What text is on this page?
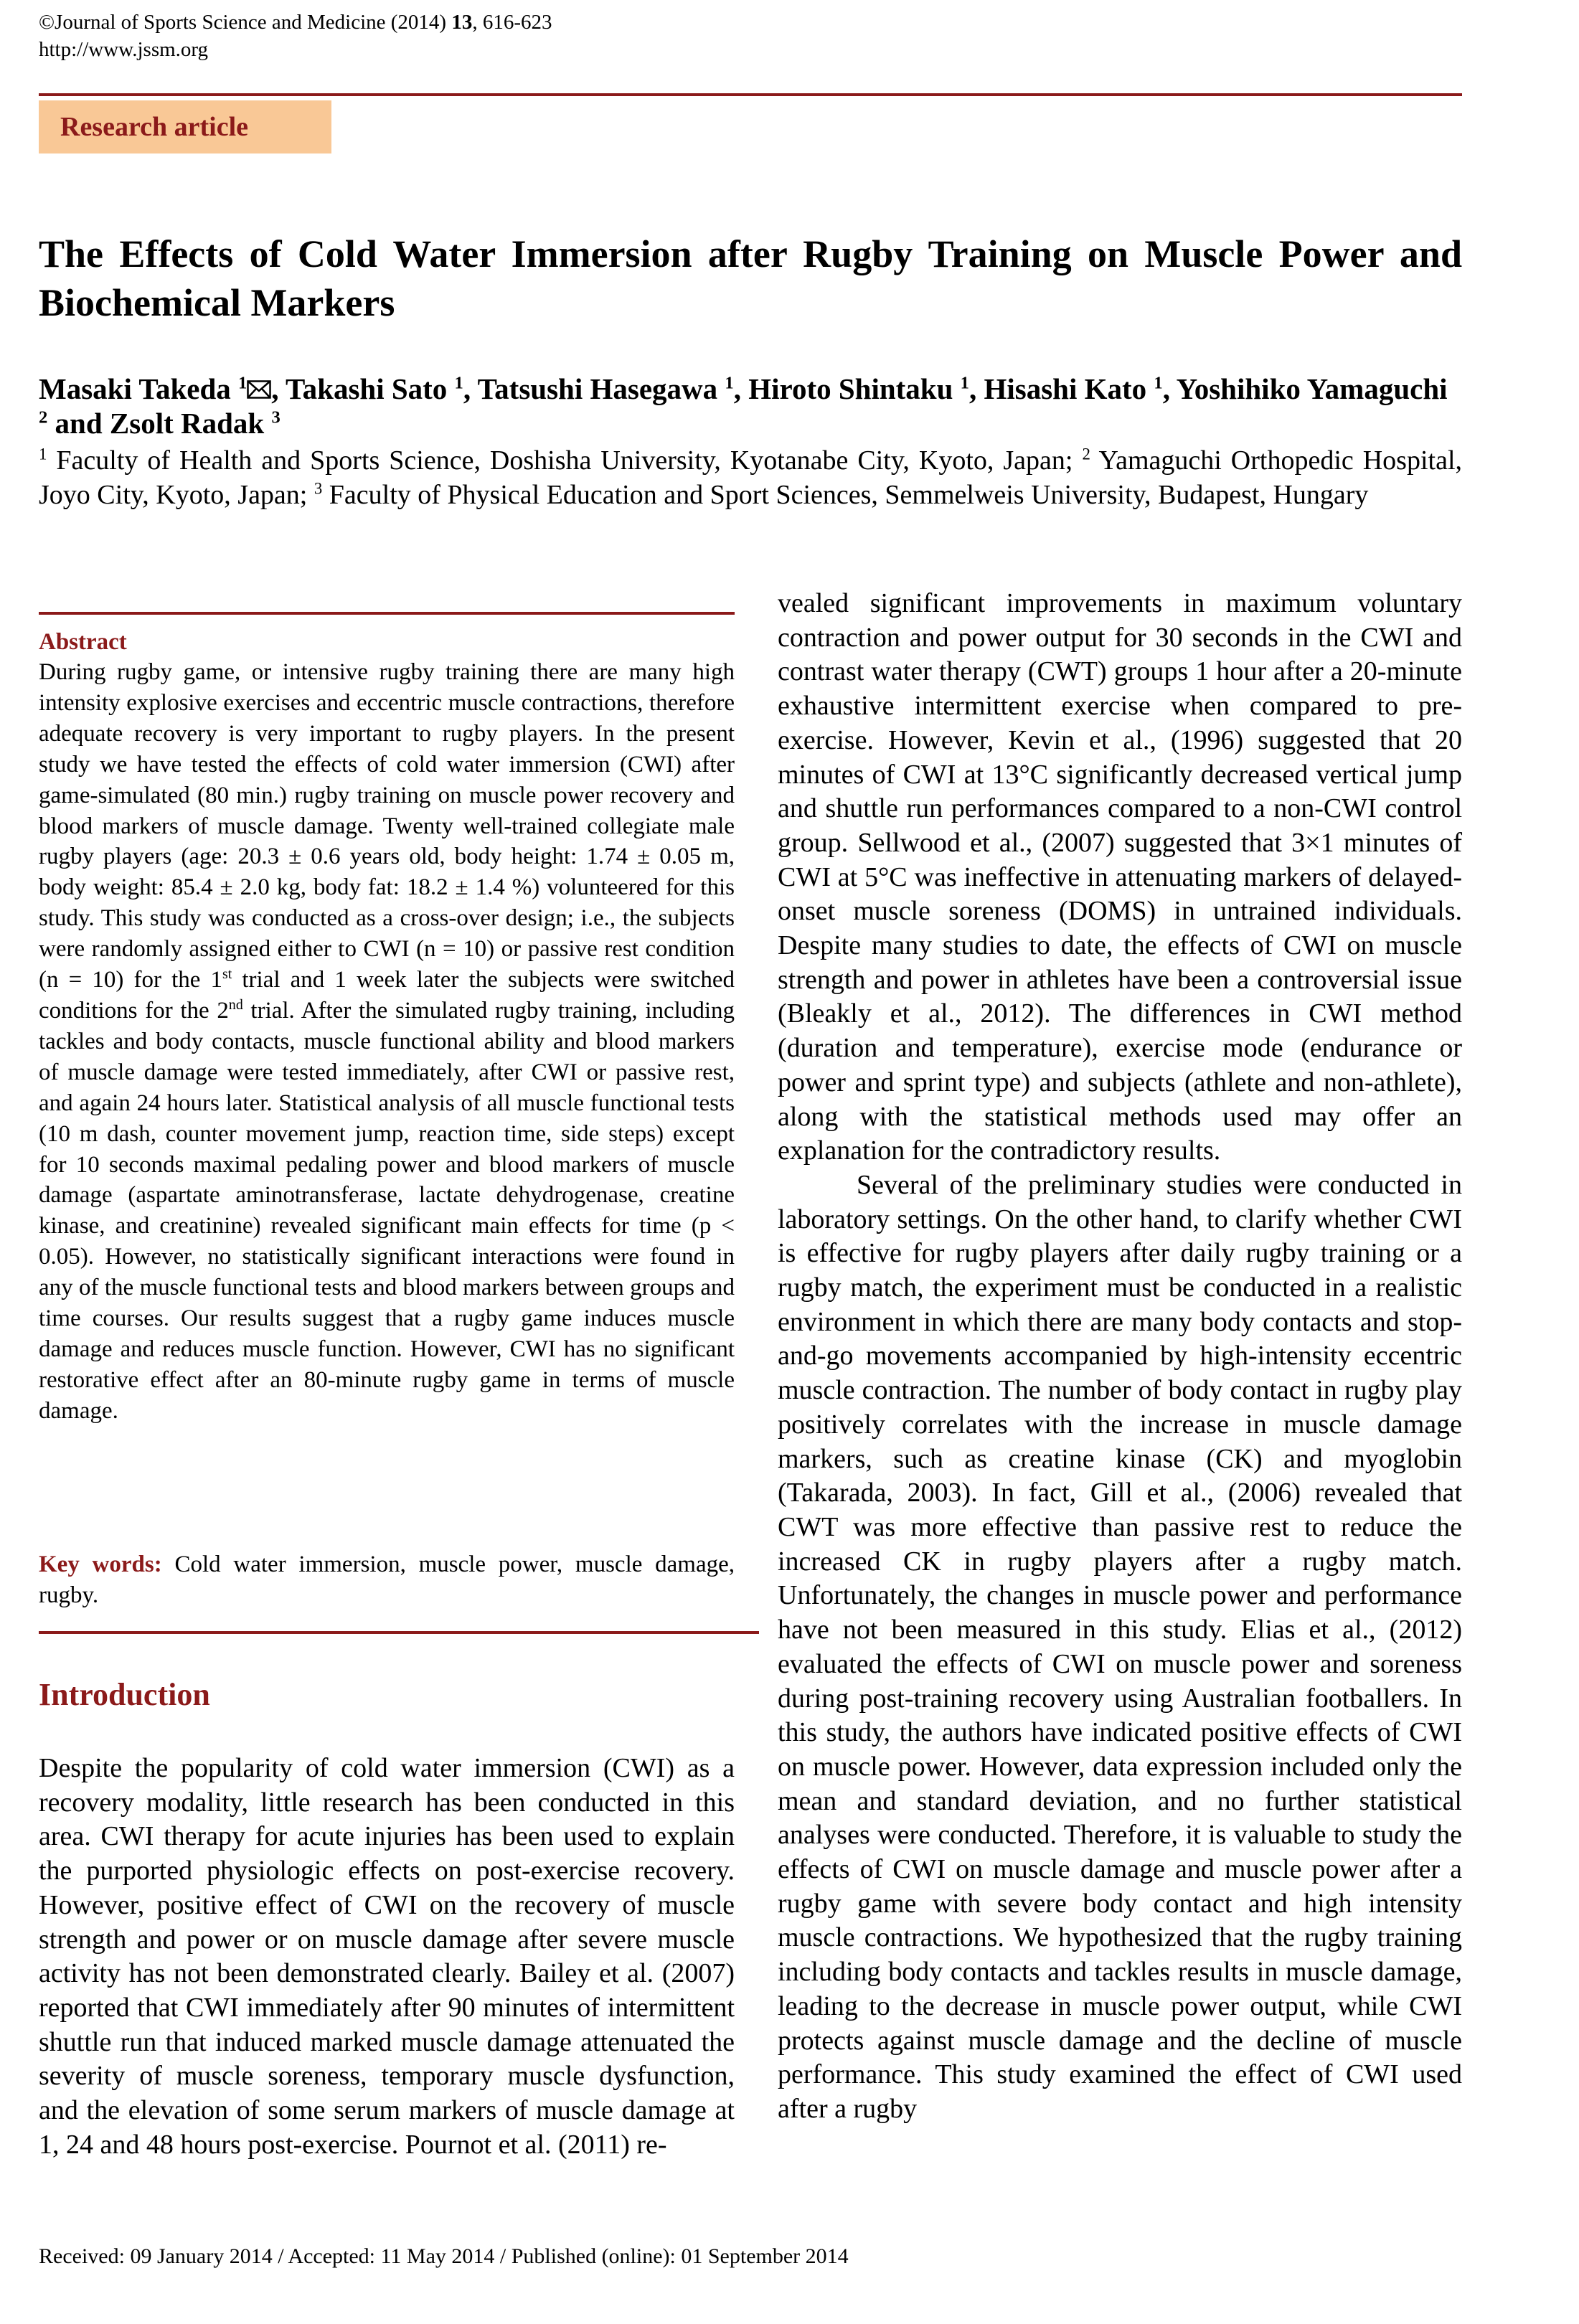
©Journal of Sports Science and Medicine (2014) 13, 616-623
http://www.jssm.org
Research article
The Effects of Cold Water Immersion after Rugby Training on Muscle Power and Biochemical Markers
Masaki Takeda $^1$ , Takashi Sato $^1$, Tatsushi Hasegawa $^1$, Hiroto Shintaku $^1$, Hisashi Kato $^1$, Yoshihiko Yamaguchi $^2$ and Zsolt Radak $^3$
$^1$ Faculty of Health and Sports Science, Doshisha University, Kyotanabe City, Kyoto, Japan; $^2$ Yamaguchi Orthopedic Hospital, Joyo City, Kyoto, Japan; $^3$ Faculty of Physical Education and Sport Sciences, Semmelweis University, Budapest, Hungary
Abstract
During rugby game, or intensive rugby training there are many high intensity explosive exercises and eccentric muscle contractions, therefore adequate recovery is very important to rugby players. In the present study we have tested the effects of cold water immersion (CWI) after game-simulated (80 min.) rugby training on muscle power recovery and blood markers of muscle damage. Twenty well-trained collegiate male rugby players (age: 20.3 ± 0.6 years old, body height: 1.74 ± 0.05 m, body weight: 85.4 ± 2.0 kg, body fat: 18.2 ± 1.4 %) volunteered for this study. This study was conducted as a cross-over design; i.e., the subjects were randomly assigned either to CWI (n = 10) or passive rest condition (n = 10) for the 1st trial and 1 week later the subjects were switched conditions for the 2nd trial. After the simulated rugby training, including tackles and body contacts, muscle functional ability and blood markers of muscle damage were tested immediately, after CWI or passive rest, and again 24 hours later. Statistical analysis of all muscle functional tests (10 m dash, counter movement jump, reaction time, side steps) except for 10 seconds maximal pedaling power and blood markers of muscle damage (aspartate aminotransferase, lactate dehydrogenase, creatine kinase, and creatinine) revealed significant main effects for time (p < 0.05). However, no statistically significant interactions were found in any of the muscle functional tests and blood markers between groups and time courses. Our results suggest that a rugby game induces muscle damage and reduces muscle function. However, CWI has no significant restorative effect after an 80-minute rugby game in terms of muscle damage.
Key words: Cold water immersion, muscle power, muscle damage, rugby.
Introduction
Despite the popularity of cold water immersion (CWI) as a recovery modality, little research has been conducted in this area. CWI therapy for acute injuries has been used to explain the purported physiologic effects on post-exercise recovery. However, positive effect of CWI on the recovery of muscle strength and power or on muscle damage after severe muscle activity has not been demonstrated clearly. Bailey et al. (2007) reported that CWI immediately after 90 minutes of intermittent shuttle run that induced marked muscle damage attenuated the severity of muscle soreness, temporary muscle dysfunction, and the elevation of some serum markers of muscle damage at 1, 24 and 48 hours post-exercise. Pournot et al. (2011) re-

vealed significant improvements in maximum voluntary contraction and power output for 30 seconds in the CWI and contrast water therapy (CWT) groups 1 hour after a 20-minute exhaustive intermittent exercise when compared to pre-exercise. However, Kevin et al., (1996) suggested that 20 minutes of CWI at 13°C significantly decreased vertical jump and shuttle run performances compared to a non-CWI control group. Sellwood et al., (2007) suggested that 3×1 minutes of CWI at 5°C was ineffective in attenuating markers of delayed-onset muscle soreness (DOMS) in untrained individuals. Despite many studies to date, the effects of CWI on muscle strength and power in athletes have been a controversial issue (Bleakly et al., 2012). The differences in CWI method (duration and temperature), exercise mode (endurance or power and sprint type) and subjects (athlete and non-athlete), along with the statistical methods used may offer an explanation for the contradictory results.

Several of the preliminary studies were conducted in laboratory settings. On the other hand, to clarify whether CWI is effective for rugby players after daily rugby training or a rugby match, the experiment must be conducted in a realistic environment in which there are many body contacts and stop-and-go movements accompanied by high-intensity eccentric muscle contraction. The number of body contact in rugby play positively correlates with the increase in muscle damage markers, such as creatine kinase (CK) and myoglobin (Takarada, 2003). In fact, Gill et al., (2006) revealed that CWT was more effective than passive rest to reduce the increased CK in rugby players after a rugby match. Unfortunately, the changes in muscle power and performance have not been measured in this study. Elias et al., (2012) evaluated the effects of CWI on muscle power and soreness during post-training recovery using Australian footballers. In this study, the authors have indicated positive effects of CWI on muscle power. However, data expression included only the mean and standard deviation, and no further statistical analyses were conducted. Therefore, it is valuable to study the effects of CWI on muscle damage and muscle power after a rugby game with severe body contact and high intensity muscle contractions. We hypothesized that the rugby training including body contacts and tackles results in muscle damage, leading to the decrease in muscle power output, while CWI protects against muscle damage and the decline of muscle performance. This study examined the effect of CWI used after a rugby

Received: 09 January 2014 / Accepted: 11 May 2014 / Published (online): 01 September 2014
